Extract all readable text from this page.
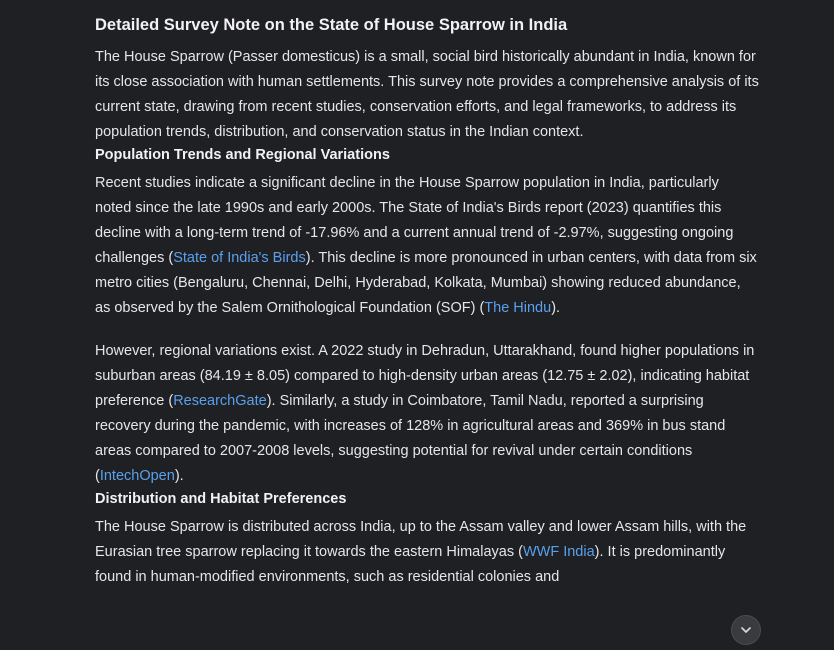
Detailed Survey Note on the State of House Sparrow in India

The House Sparrow (Passer domesticus) is a small, social bird historically abundant in India, known for its close association with human settlements. This survey note provides a comprehensive analysis of its current state, drawing from recent studies, conservation efforts, and legal frameworks, to address its population trends, distribution, and conservation status in the Indian context.

Population Trends and Regional Variations

Recent studies indicate a significant decline in the House Sparrow population in India, particularly noted since the late 1990s and early 2000s. The State of India's Birds report (2023) quantifies this decline with a long-term trend of -17.96% and a current annual trend of -2.97%, suggesting ongoing challenges (State of India's Birds). This decline is more pronounced in urban centers, with data from six metro cities (Bengaluru, Chennai, Delhi, Hyderabad, Kolkata, Mumbai) showing reduced abundance, as observed by the Salem Ornithological Foundation (SOF) (The Hindu).

However, regional variations exist. A 2022 study in Dehradun, Uttarakhand, found higher populations in suburban areas (84.19 ± 8.05) compared to high-density urban areas (12.75 ± 2.02), indicating habitat preference (ResearchGate). Similarly, a study in Coimbatore, Tamil Nadu, reported a surprising recovery during the pandemic, with increases of 128% in agricultural areas and 369% in bus stand areas compared to 2007-2008 levels, suggesting potential for revival under certain conditions (IntechOpen).

Distribution and Habitat Preferences

The House Sparrow is distributed across India, up to the Assam valley and lower Assam hills, with the Eurasian tree sparrow replacing it towards the eastern Himalayas (WWF India). It is predominantly found in human-modified environments, such as residential colonies and
